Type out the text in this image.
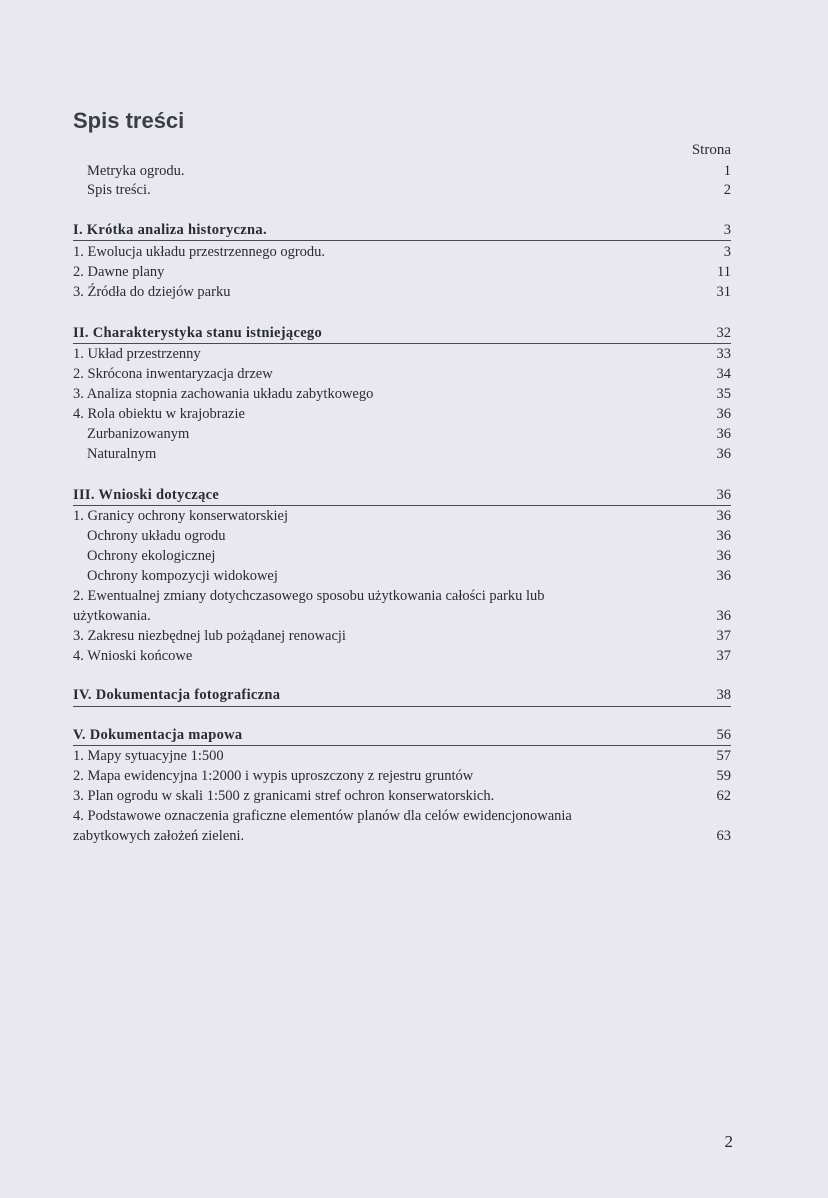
Spis treści
Strona
Metryka ogrodu.	1
Spis treści.	2
I. Krótka analiza historyczna.	3
1. Ewolucja układu przestrzennego ogrodu.	3
2. Dawne plany	11
3. Źródła do dziejów parku	31
II. Charakterystyka stanu istniejącego	32
1. Układ przestrzenny	33
2. Skrócona inwentaryzacja drzew	34
3. Analiza stopnia zachowania układu zabytkowego	35
4. Rola obiektu w krajobrazie	36
Zurbanizowanym	36
Naturalnym	36
III. Wnioski dotyczące	36
1. Granicy ochrony konserwatorskiej	36
Ochrony układu ogrodu	36
Ochrony ekologicznej	36
Ochrony kompozycji widokowej	36
2. Ewentualnej zmiany dotychczasowego sposobu użytkowania całości parku lub
użytkowania.	36
3. Zakresu niezbędnej lub pożądanej renowacji	37
4. Wnioski końcowe	37
IV. Dokumentacja fotograficzna	38
V. Dokumentacja mapowa	56
1. Mapy sytuacyjne 1:500	57
2. Mapa ewidencyjna 1:2000 i wypis uproszczony z rejestru gruntów	59
3. Plan ogrodu w skali 1:500 z granicami stref ochron konserwatorskich.	62
4. Podstawowe oznaczenia graficzne elementów planów dla celów ewidencjonowania
zabytkowych założeń zieleni.	63
2
